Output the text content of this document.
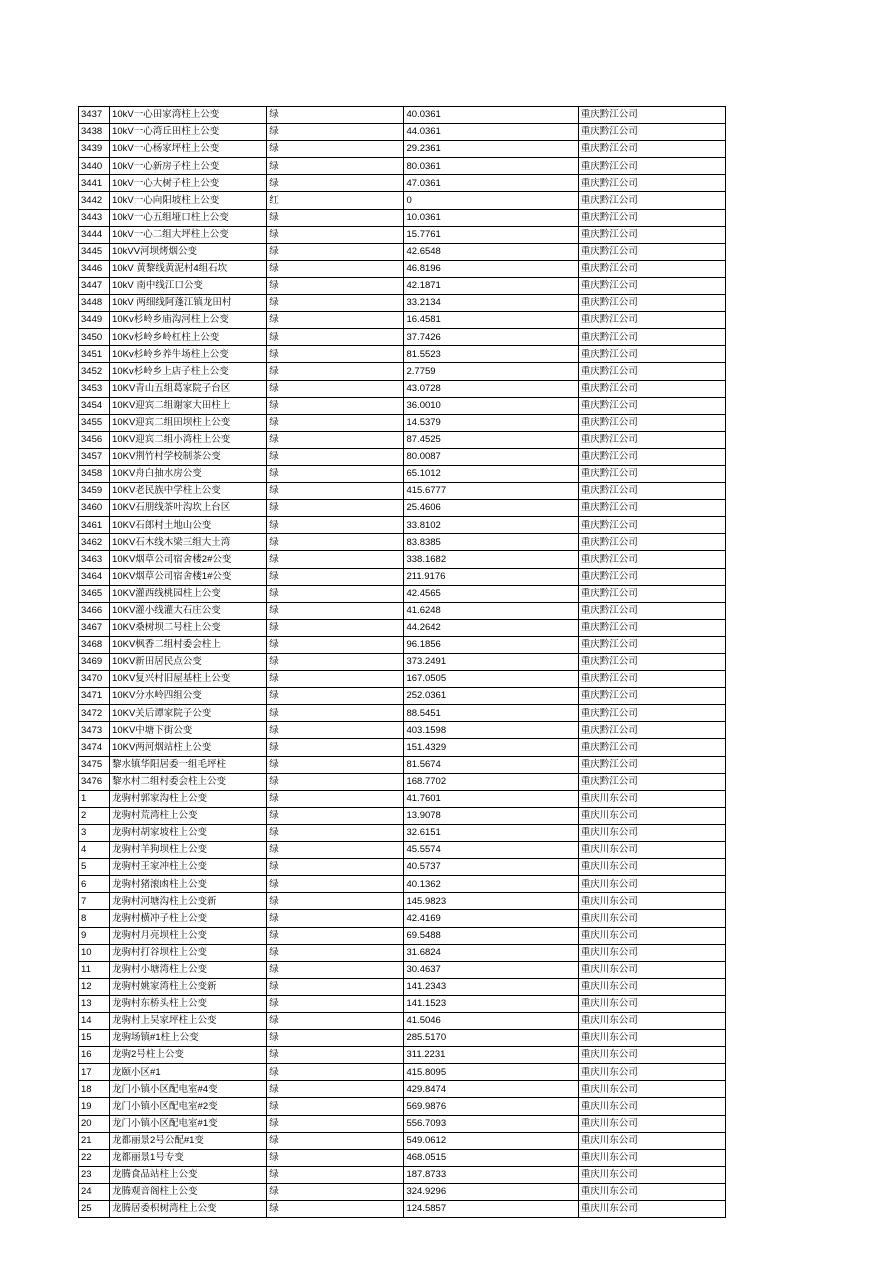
3437	10kV一心田家湾柱上公变	绿	40.0361	重庆黔江公司
3438	10kV一心湾丘田柱上公变	绿	44.0361	重庆黔江公司
3439	10kV一心杨家坪柱上公变	绿	29.2361	重庆黔江公司
3440	10kV一心新房子柱上公变	绿	80.0361	重庆黔江公司
3441	10kV一心大树子柱上公变	绿	47.0361	重庆黔江公司
3442	10kV一心向阳坡柱上公变	红	0	重庆黔江公司
3443	10kV一心五组垭口柱上公变	绿	10.0361	重庆黔江公司
3444	10kV一心二组大坪柱上公变	绿	15.7761	重庆黔江公司
3445	10kVV河坝烤烟公变	绿	42.6548	重庆黔江公司
3446	10kV 黄黎线黄泥村4组石坎	绿	46.8196	重庆黔江公司
3447	10kV 南中线江口公变	绿	42.1871	重庆黔江公司
3448	10kV 两细线阿蓬江镇龙田村	绿	33.2134	重庆黔江公司
3449	10Kv杉岭乡庙沟河柱上公变	绿	16.4581	重庆黔江公司
3450	10Kv杉岭乡岭杠柱上公变	绿	37.7426	重庆黔江公司
3451	10Kv杉岭乡养牛场柱上公变	绿	81.5523	重庆黔江公司
3452	10Kv杉岭乡上店子柱上公变	绿	2.7759	重庆黔江公司
3453	10KV青山五组葛家院子台区	绿	43.0728	重庆黔江公司
3454	10KV迎宾二组谢家大田柱上	绿	36.0010	重庆黔江公司
3455	10KV迎宾二组田坝柱上公变	绿	14.5379	重庆黔江公司
3456	10KV迎宾二组小湾柱上公变	绿	87.4525	重庆黔江公司
3457	10KV荆竹村学校制茶公变	绿	80.0087	重庆黔江公司
3458	10KV舟白抽水房公变	绿	65.1012	重庆黔江公司
3459	10KV老民族中学柱上公变	绿	415.6777	重庆黔江公司
3460	10KV石朋线茶叶沟坎上台区	绿	25.4606	重庆黔江公司
3461	10KV石郎村土地山公变	绿	33.8102	重庆黔江公司
3462	10KV石木线木梁三组大土湾	绿	83.8385	重庆黔江公司
3463	10KV烟草公司宿舍楼2#公变	绿	338.1682	重庆黔江公司
3464	10KV烟草公司宿舍楼1#公变	绿	211.9176	重庆黔江公司
3465	10KV灌西线桃园柱上公变	绿	42.4565	重庆黔江公司
3466	10KV灌小线灌大石庄公变	绿	41.6248	重庆黔江公司
3467	10KV桑树坝二号柱上公变	绿	44.2642	重庆黔江公司
3468	10KV枫香二组村委会柱上	绿	96.1856	重庆黔江公司
3469	10KV新田居民点公变	绿	373.2491	重庆黔江公司
3470	10KV复兴村旧屋基柱上公变	绿	167.0505	重庆黔江公司
3471	10KV分水岭四组公变	绿	252.0361	重庆黔江公司
3472	10KV关后谭家院子公变	绿	88.5451	重庆黔江公司
3473	10KV中塘下街公变	绿	403.1598	重庆黔江公司
3474	10KV两河烟站柱上公变	绿	151.4329	重庆黔江公司
3475	黎水镇华阳居委一组毛坪柱	绿	81.5674	重庆黔江公司
3476	黎水村二组村委会柱上公变	绿	168.7702	重庆黔江公司
1	龙驹村郭家沟柱上公变	绿	41.7601	重庆川东公司
2	龙驹村荒湾柱上公变	绿	13.9078	重庆川东公司
3	龙驹村胡家坡柱上公变	绿	32.6151	重庆川东公司
4	龙驹村羊狗坝柱上公变	绿	45.5574	重庆川东公司
5	龙驹村王家冲柱上公变	绿	40.5737	重庆川东公司
6	龙驹村猪滚凼柱上公变	绿	40.1362	重庆川东公司
7	龙驹村河塘沟柱上公变新	绿	145.9823	重庆川东公司
8	龙驹村横冲子柱上公变	绿	42.4169	重庆川东公司
9	龙驹村月亮坝柱上公变	绿	69.5488	重庆川东公司
10	龙驹村打谷坝柱上公变	绿	31.6824	重庆川东公司
11	龙驹村小塘湾柱上公变	绿	30.4637	重庆川东公司
12	龙驹村姚家湾柱上公变新	绿	141.2343	重庆川东公司
13	龙驹村东桥头柱上公变	绿	141.1523	重庆川东公司
14	龙驹村上吴家坪柱上公变	绿	41.5046	重庆川东公司
15	龙驹场镇#1柱上公变	绿	285.5170	重庆川东公司
16	龙驹2号柱上公变	绿	311.2231	重庆川东公司
17	龙颐小区#1	绿	415.8095	重庆川东公司
18	龙门小镇小区配电室#4变	绿	429.8474	重庆川东公司
19	龙门小镇小区配电室#2变	绿	569.9876	重庆川东公司
20	龙门小镇小区配电室#1变	绿	556.7093	重庆川东公司
21	龙都丽景2号公配#1变	绿	549.0612	重庆川东公司
22	龙都丽景1号专变	绿	468.0515	重庆川东公司
23	龙腾食品站柱上公变	绿	187.8733	重庆川东公司
24	龙腾观音阁柱上公变	绿	324.9296	重庆川东公司
25	龙腾居委枳树湾柱上公变	绿	124.5857	重庆川东公司
